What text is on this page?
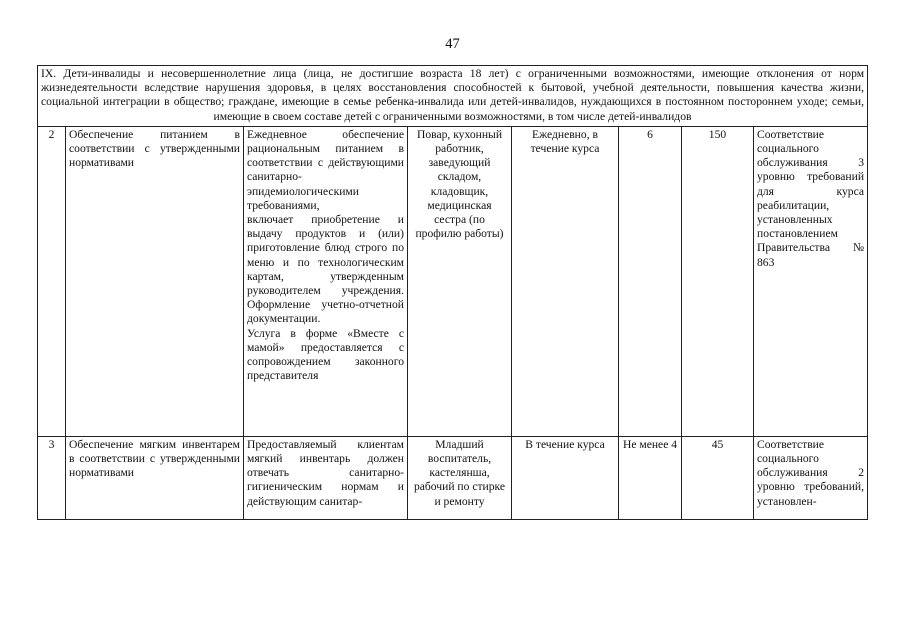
47
IX. Дети-инвалиды и несовершеннолетние лица (лица, не достигшие возраста 18 лет) с ограниченными возможностями, имеющие отклонения от норм жизнедеятельности вследствие нарушения здоровья, в целях восстановления способностей к бытовой, учебной деятельности, повышения качества жизни, социальной интеграции в общество; граждане, имеющие в семье ребенка-инвалида или детей-инвалидов, нуждающихся в постоянном постороннем уходе; семьи, имеющие в своем составе детей с ограниченными возможностями, в том числе детей-инвалидов							
2	Обеспечение питанием в соответствии с утвержденными нормативами	Ежедневное обеспечение рациональным питанием в соответствии с действующими санитарно-эпидемиологическими требованиями,
включает приобретение и выдачу продуктов и (или) приготовление блюд строго по меню и по технологическим картам, утвержденным руководителем учреждения. Оформление учетно-отчетной документации.
Услуга в форме «Вместе с мамой» предоставляется с сопровождением законного представителя	Повар, кухонный работник, заведующий складом, кладовщик, медицинская сестра (по профилю работы)	Ежедневно, в течение курса	6	150	Соответствие социального обслуживания 3 уровню требований для курса реабилитации, установленных постановлением Правительства № 863
3	Обеспечение мягким инвентарем в соответствии с утвержденными нормативами	Предоставляемый клиентам мягкий инвентарь должен отвечать санитарно-гигиеническим нормам и действующим санитар-	Младший воспитатель, кастелянша, рабочий по стирке и ремонту	В течение курса	Не менее 4	45	Соответствие социального обслуживания 2 уровню требований, установлен-
